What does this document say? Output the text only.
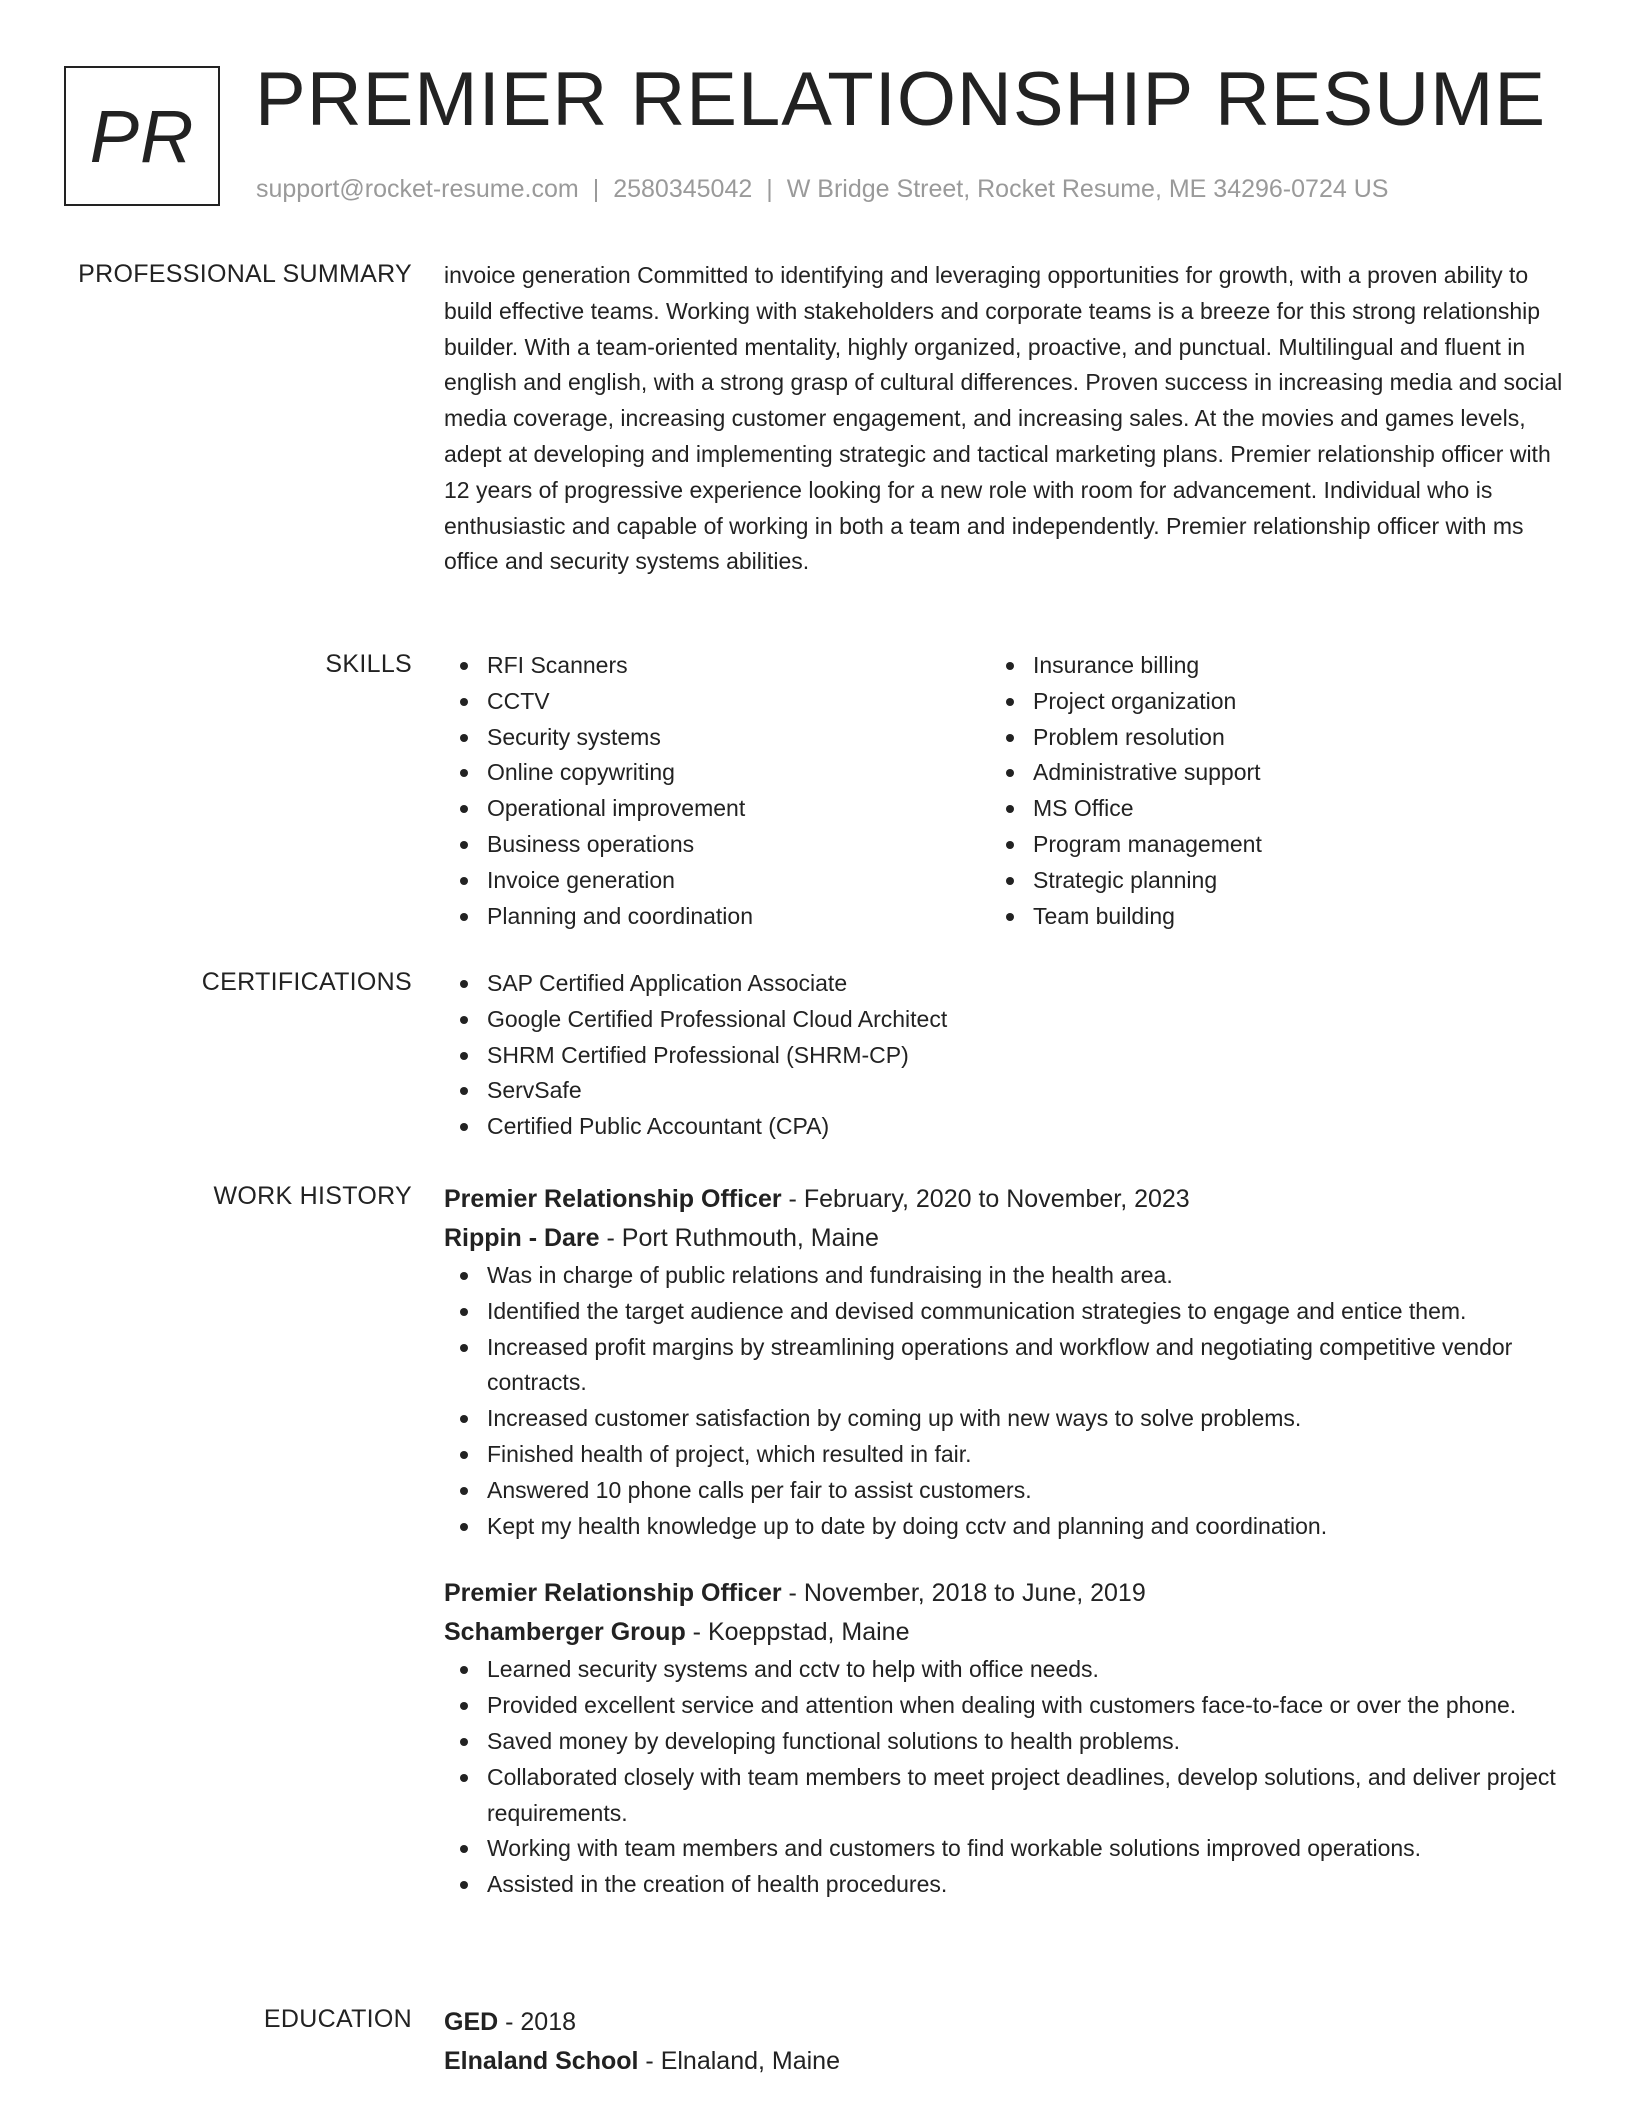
PR PREMIER RELATIONSHIP RESUME
support@rocket-resume.com | 2580345042 | W Bridge Street, Rocket Resume, ME 34296-0724 US
PROFESSIONAL SUMMARY invoice generation Committed to identifying and leveraging opportunities for growth, with a proven ability to build effective teams. Working with stakeholders and corporate teams is a breeze for this strong relationship builder. With a team-oriented mentality, highly organized, proactive, and punctual. Multilingual and fluent in english and english, with a strong grasp of cultural differences. Proven success in increasing media and social media coverage, increasing customer engagement, and increasing sales. At the movies and games levels, adept at developing and implementing strategic and tactical marketing plans. Premier relationship officer with 12 years of progressive experience looking for a new role with room for advancement. Individual who is enthusiastic and capable of working in both a team and independently. Premier relationship officer with ms office and security systems abilities.

SKILLS	RFI Scanners
CCTV
Security systems
Online copywriting
Operational improvement
Business operations
Invoice generation
Planning and coordination
Insurance billing
Project organization
Problem resolution
Administrative support
MS Office
Program management
Strategic planning
Team building
CERTIFICATIONS	SAP Certified Application Associate
Google Certified Professional Cloud Architect
SHRM Certified Professional (SHRM-CP)
ServSafe
Certified Public Accountant (CPA)
WORK HISTORY Premier Relationship Officer - February, 2020 to November, 2023
Rippin - Dare - Port Ruthmouth, Maine
Was in charge of public relations and fundraising in the health area.
Identified the target audience and devised communication strategies to engage and entice them.
Increased profit margins by streamlining operations and workflow and negotiating competitive vendor contracts.
Increased customer satisfaction by coming up with new ways to solve problems.
Finished health of project, which resulted in fair.
Answered 10 phone calls per fair to assist customers.
Kept my health knowledge up to date by doing cctv and planning and coordination.
Premier Relationship Officer - November, 2018 to June, 2019
Schamberger Group - Koeppstad, Maine
Learned security systems and cctv to help with office needs.
Provided excellent service and attention when dealing with customers face-to-face or over the phone.
Saved money by developing functional solutions to health problems.
Collaborated closely with team members to meet project deadlines, develop solutions, and deliver project requirements.
Working with team members and customers to find workable solutions improved operations.
Assisted in the creation of health procedures.
EDUCATION GED - 2018
Elnaland School - Elnaland, Maine
